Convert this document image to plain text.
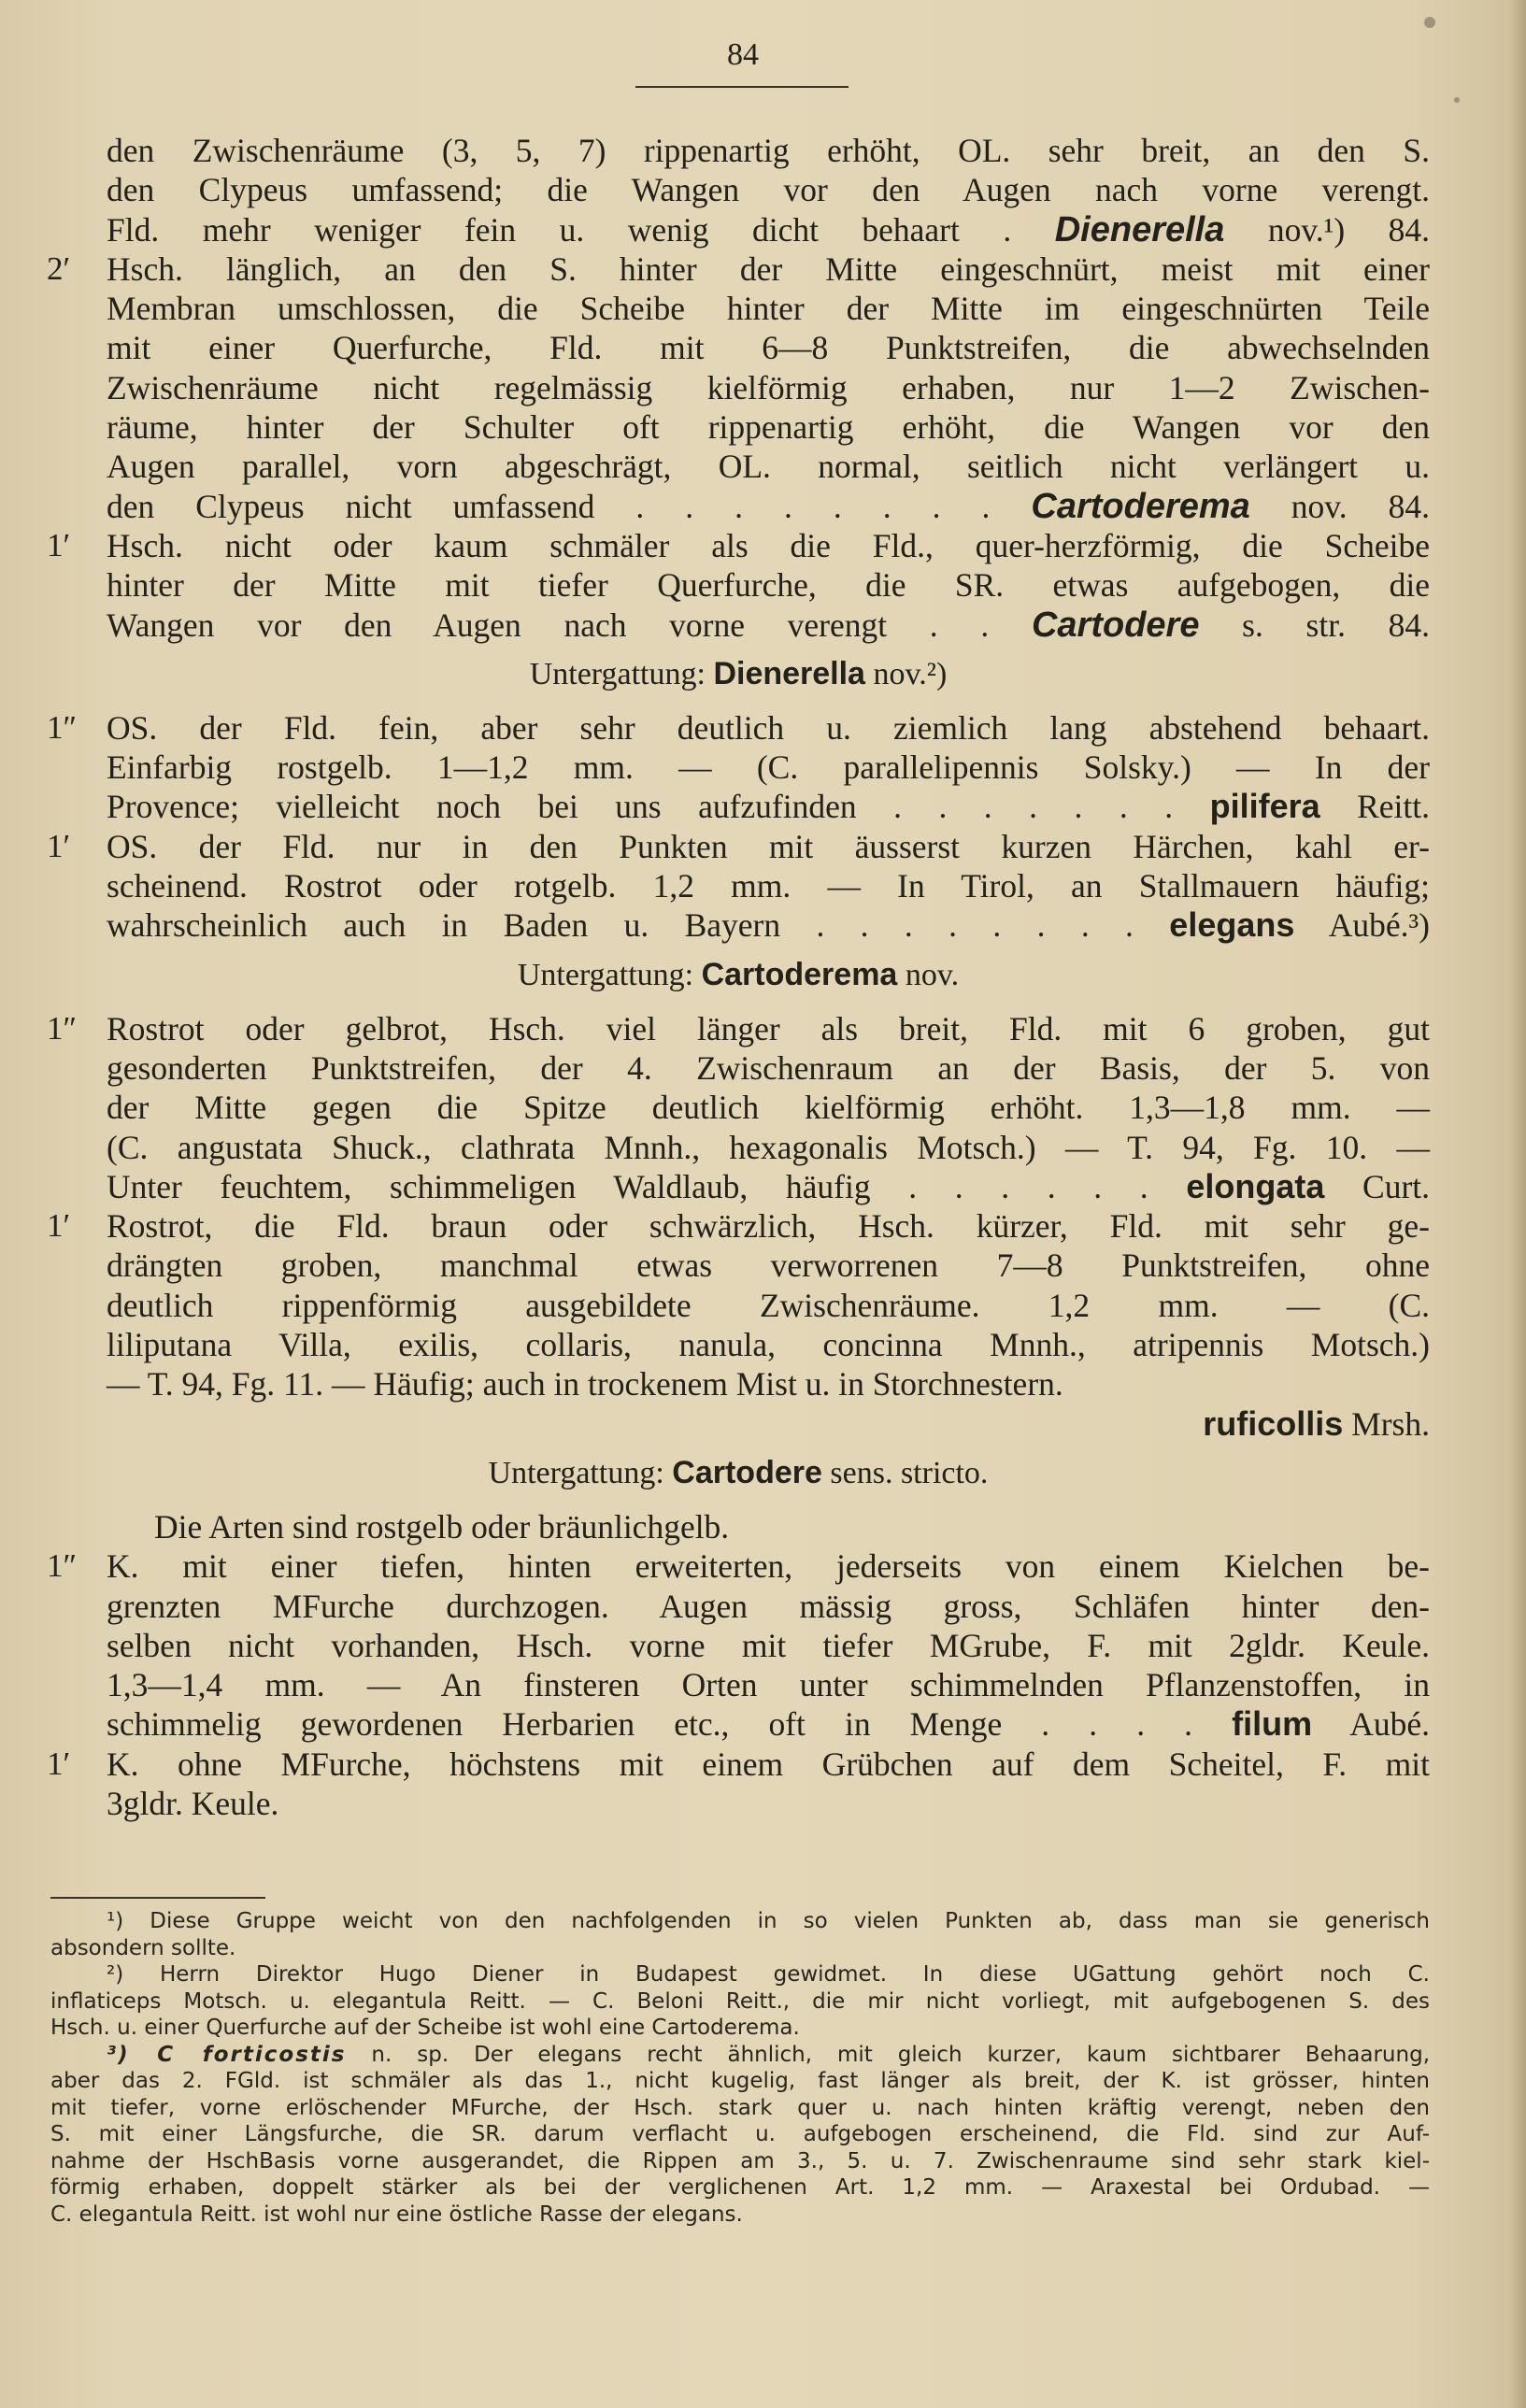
84
den Zwischenräume (3, 5, 7) rippenartig erhöht, OL. sehr breit, an den S.
den Clypeus umfassend; die Wangen vor den Augen nach vorne verengt.
Fld. mehr weniger fein u. wenig dicht behaart . Dienerella nov.¹) 84.
2′	Hsch. länglich, an den S. hinter der Mitte eingeschnürt, meist mit einer
Membran umschlossen, die Scheibe hinter der Mitte im eingeschnürten Teile
mit einer Querfurche, Fld. mit 6—8 Punktstreifen, die abwechselnden
Zwischenräume nicht regelmässig kielförmig erhaben, nur 1—2 Zwischen-
räume, hinter der Schulter oft rippenartig erhöht, die Wangen vor den
Augen parallel, vorn abgeschrägt, OL. normal, seitlich nicht verlängert u.
den Clypeus nicht umfassend . . . . . . . . Cartoderema nov. 84.
1′	Hsch. nicht oder kaum schmäler als die Fld., quer-herzförmig, die Scheibe
hinter der Mitte mit tiefer Querfurche, die SR. etwas aufgebogen, die
Wangen vor den Augen nach vorne verengt . . Cartodere s. str. 84.
Untergattung: Dienerella nov.²)
1″ OS. der Fld. fein, aber sehr deutlich u. ziemlich lang abstehend behaart.
Einfarbig rostgelb. 1—1,2 mm. — (C. parallelipennis Solsky.) — In der
Provence; vielleicht noch bei uns aufzufinden . . . . . . . pilifera Reitt.
1′	OS. der Fld. nur in den Punkten mit äusserst kurzen Härchen, kahl er-
scheinend. Rostrot oder rotgelb. 1,2 mm. — In Tirol, an Stallmauern häufig;
wahrscheinlich auch in Baden u. Bayern . . . . . . . . elegans Aubé.³)
Untergattung: Cartoderema nov.
1″ Rostrot oder gelbrot, Hsch. viel länger als breit, Fld. mit 6 groben, gut
gesonderten Punktstreifen, der 4. Zwischenraum an der Basis, der 5. von
der Mitte gegen die Spitze deutlich kielförmig erhöht. 1,3—1,8 mm. —
(C. angustata Shuck., clathrata Mnnh., hexagonalis Motsch.) — T. 94, Fg. 10. —
Unter feuchtem, schimmeligen Waldlaub, häufig . . . . . . elongata Curt.
1′	Rostrot, die Fld. braun oder schwärzlich, Hsch. kürzer, Fld. mit sehr ge-
drängten groben, manchmal etwas verworrenen 7—8 Punktstreifen, ohne
deutlich rippenförmig ausgebildete Zwischenräume. 1,2 mm. — (C.
liliputana Villa, exilis, collaris, nanula, concinna Mnnh., atripennis Motsch.)
— T. 94, Fg. 11. — Häufig; auch in trockenem Mist u. in Storchnestern.
ruficollis Mrsh.
Untergattung: Cartodere sens. stricto.
Die Arten sind rostgelb oder bräunlichgelb.
1″ K. mit einer tiefen, hinten erweiterten, jederseits von einem Kielchen be-
grenzten MFurche durchzogen. Augen mässig gross, Schläfen hinter den-
selben nicht vorhanden, Hsch. vorne mit tiefer MGrube, F. mit 2gldr. Keule.
1,3—1,4 mm. — An finsteren Orten unter schimmelnden Pflanzenstoffen, in
schimmelig gewordenen Herbarien etc., oft in Menge . . . . filum Aubé.
1′	K. ohne MFurche, höchstens mit einem Grübchen auf dem Scheitel, F. mit
3gldr. Keule.
¹) Diese Gruppe weicht von den nachfolgenden in so vielen Punkten ab, dass man sie generisch
absondern sollte.
²) Herrn Direktor Hugo Diener in Budapest gewidmet. In diese UGattung gehört noch C.
inflaticeps Motsch. u. elegantula Reitt. — C. Beloni Reitt., die mir nicht vorliegt, mit aufgebogenen S. des
Hsch. u. einer Querfurche auf der Scheibe ist wohl eine Cartoderema.
³) C forticostis n. sp. Der elegans recht ähnlich, mit gleich kurzer, kaum sichtbarer Behaarung,
aber das 2. FGld. ist schmäler als das 1., nicht kugelig, fast länger als breit, der K. ist grösser, hinten
mit tiefer, vorne erlöschender MFurche, der Hsch. stark quer u. nach hinten kräftig verengt, neben den
S. mit einer Längsfurche, die SR. darum verflacht u. aufgebogen erscheinend, die Fld. sind zur Auf-
nahme der HschBasis vorne ausgerandet, die Rippen am 3., 5. u. 7. Zwischenraume sind sehr stark kiel-
förmig erhaben, doppelt stärker als bei der verglichenen Art. 1,2 mm. — Araxestal bei Ordubad. —
C. elegantula Reitt. ist wohl nur eine östliche Rasse der elegans.
